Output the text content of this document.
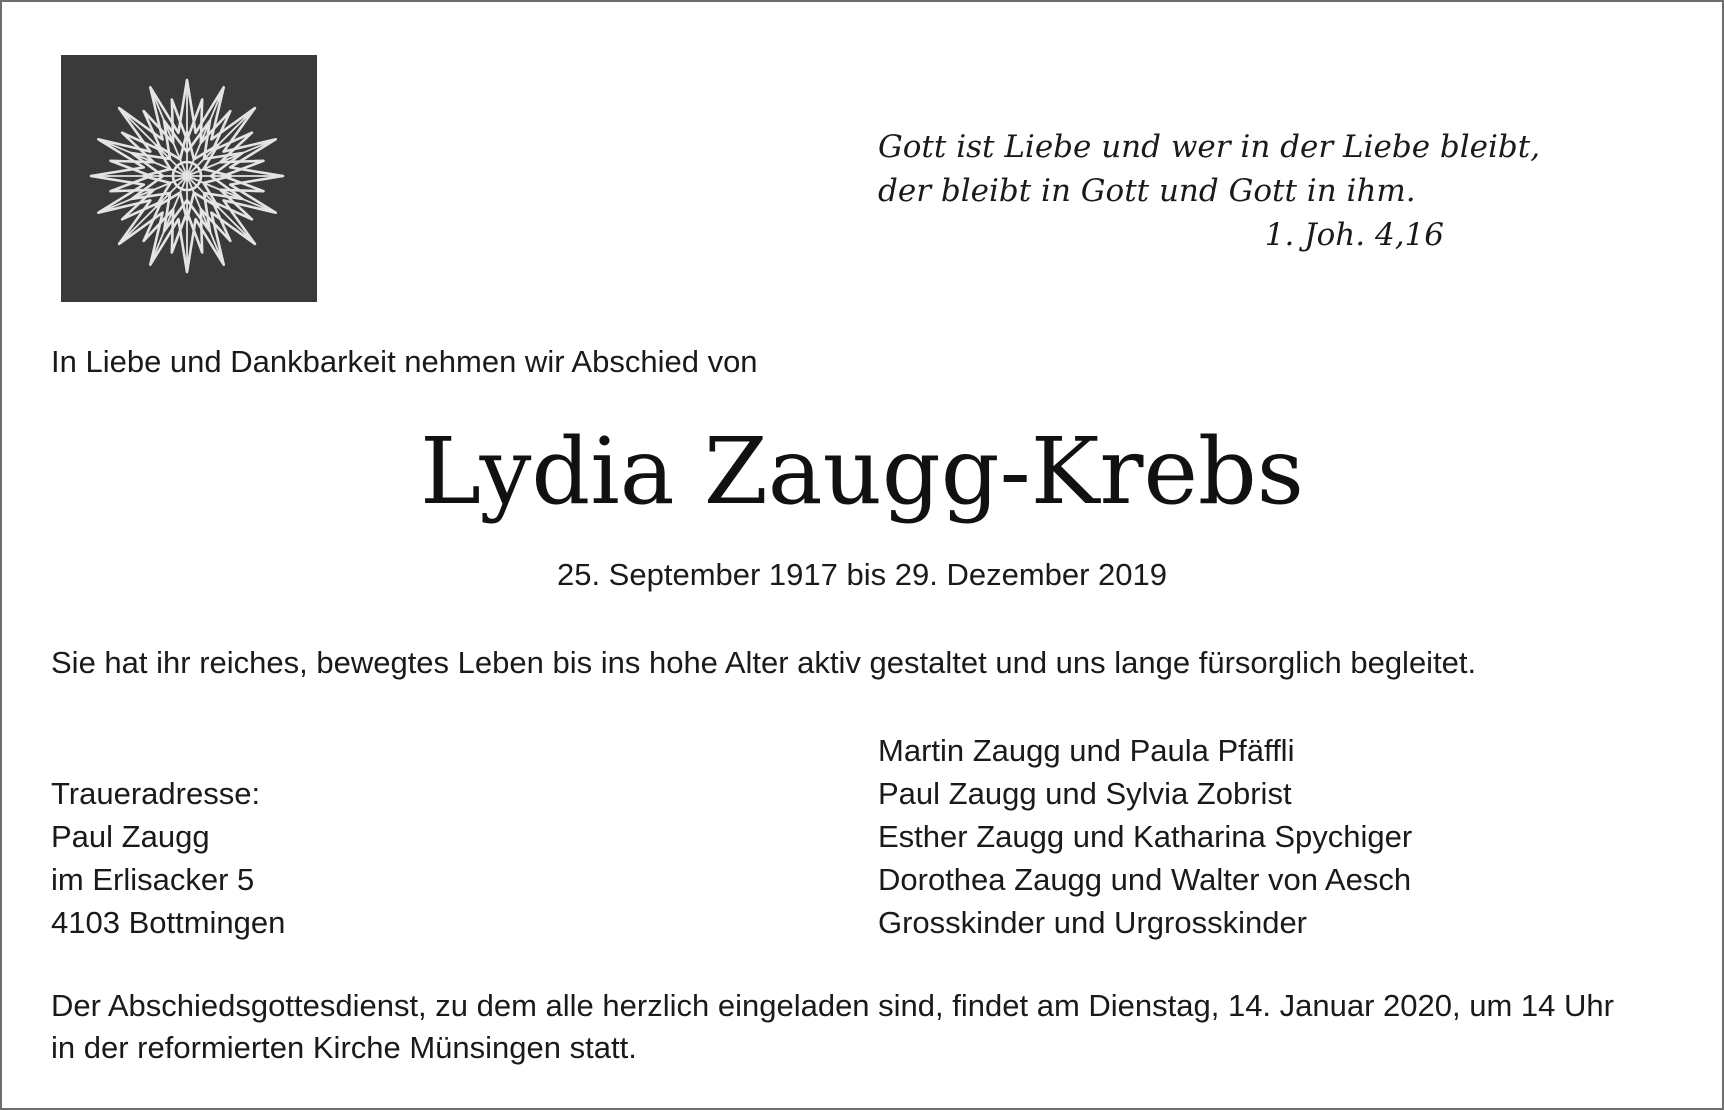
Gott ist Liebe und wer in der Liebe bleibt,
der bleibt in Gott und Gott in ihm.
1. Joh. 4,16
In Liebe und Dankbarkeit nehmen wir Abschied von
Lydia Zaugg-Krebs
25. September 1917 bis 29. Dezember 2019
Sie hat ihr reiches, bewegtes Leben bis ins hohe Alter aktiv gestaltet und uns lange fürsorglich begleitet.
Traueradresse:
Paul Zaugg
im Erlisacker 5
4103 Bottmingen
Martin Zaugg und Paula Pfäffli
Paul Zaugg und Sylvia Zobrist
Esther Zaugg und Katharina Spychiger
Dorothea Zaugg und Walter von Aesch
Grosskinder und Urgrosskinder
Der Abschiedsgottesdienst, zu dem alle herzlich eingeladen sind, findet am Dienstag, 14. Januar 2020, um 14 Uhr
in der reformierten Kirche Münsingen statt.
